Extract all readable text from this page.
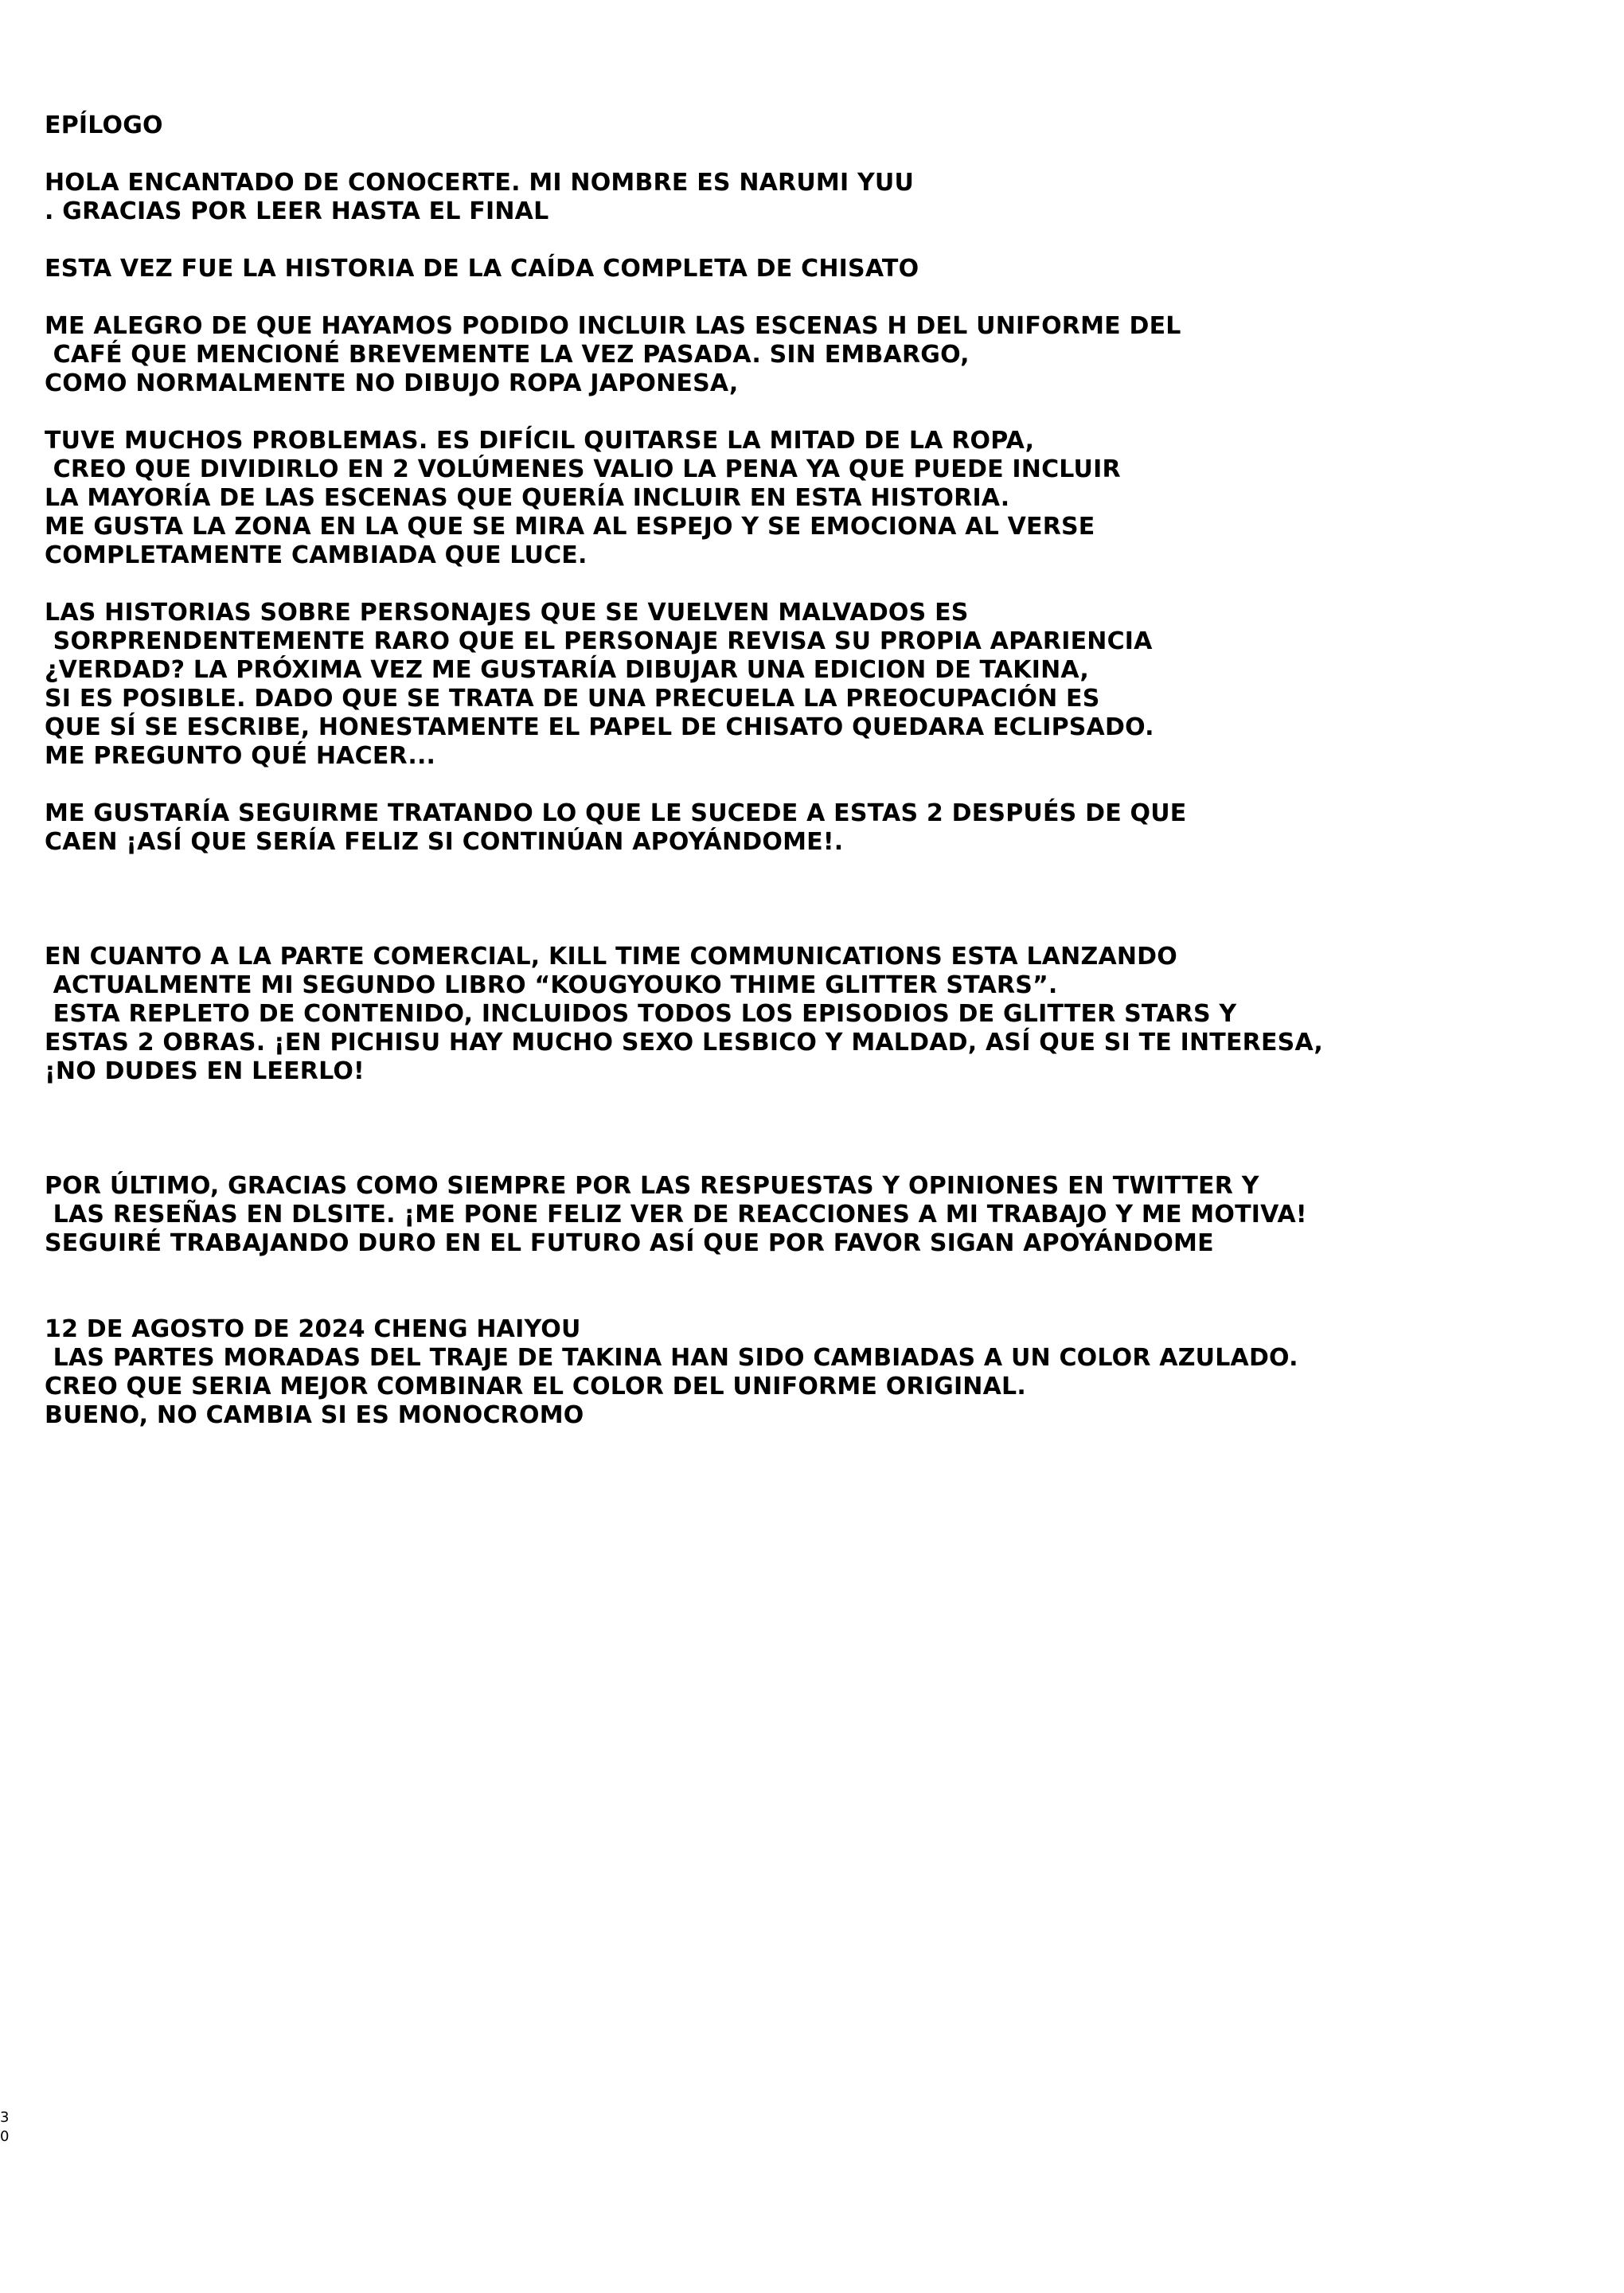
EPÍLOGO
HOLA ENCANTADO DE CONOCERTE. MI NOMBRE ES NARUMI YUU
. GRACIAS POR LEER HASTA EL FINAL
ESTA VEZ FUE LA HISTORIA DE LA CAÍDA COMPLETA DE CHISATO
ME ALEGRO DE QUE HAYAMOS PODIDO INCLUIR LAS ESCENAS H DEL UNIFORME DEL
CAFÉ QUE MENCIONÉ BREVEMENTE LA VEZ PASADA. SIN EMBARGO,
COMO NORMALMENTE NO DIBUJO ROPA JAPONESA,
TUVE MUCHOS PROBLEMAS. ES DIFÍCIL QUITARSE LA MITAD DE LA ROPA,
CREO QUE DIVIDIRLO EN 2 VOLÚMENES VALIO LA PENA YA QUE PUEDE INCLUIR
LA MAYORÍA DE LAS ESCENAS QUE QUERÍA INCLUIR EN ESTA HISTORIA.
ME GUSTA LA ZONA EN LA QUE SE MIRA AL ESPEJO Y SE EMOCIONA AL VERSE
COMPLETAMENTE CAMBIADA QUE LUCE.
LAS HISTORIAS SOBRE PERSONAJES QUE SE VUELVEN MALVADOS ES
SORPRENDENTEMENTE RARO QUE EL PERSONAJE REVISA SU PROPIA APARIENCIA
¿VERDAD? LA PRÓXIMA VEZ ME GUSTARÍA DIBUJAR UNA EDICION DE TAKINA,
SI ES POSIBLE. DADO QUE SE TRATA DE UNA PRECUELA LA PREOCUPACIÓN ES
QUE SÍ SE ESCRIBE, HONESTAMENTE EL PAPEL DE CHISATO QUEDARA ECLIPSADO.
ME PREGUNTO QUÉ HACER...
ME GUSTARÍA SEGUIRME TRATANDO LO QUE LE SUCEDE A ESTAS 2 DESPUÉS DE QUE
CAEN ¡ASÍ QUE SERÍA FELIZ SI CONTINÚAN APOYÁNDOME!.
EN CUANTO A LA PARTE COMERCIAL, KILL TIME COMMUNICATIONS ESTA LANZANDO
ACTUALMENTE MI SEGUNDO LIBRO “KOUGYOUKO THIME GLITTER STARS”.
ESTA REPLETO DE CONTENIDO, INCLUIDOS TODOS LOS EPISODIOS DE GLITTER STARS Y
ESTAS 2 OBRAS. ¡EN PICHISU HAY MUCHO SEXO LESBICO Y MALDAD, ASÍ QUE SI TE INTERESA,
¡NO DUDES EN LEERLO!
POR ÚLTIMO, GRACIAS COMO SIEMPRE POR LAS RESPUESTAS Y OPINIONES EN TWITTER Y
LAS RESEÑAS EN DLSITE. ¡ME PONE FELIZ VER DE REACCIONES A MI TRABAJO Y ME MOTIVA!
SEGUIRÉ TRABAJANDO DURO EN EL FUTURO ASÍ QUE POR FAVOR SIGAN APOYÁNDOME
12 DE AGOSTO DE 2024 CHENG HAIYOU
LAS PARTES MORADAS DEL TRAJE DE TAKINA HAN SIDO CAMBIADAS A UN COLOR AZULADO.
CREO QUE SERIA MEJOR COMBINAR EL COLOR DEL UNIFORME ORIGINAL.
BUENO, NO CAMBIA SI ES MONOCROMO
3
0
